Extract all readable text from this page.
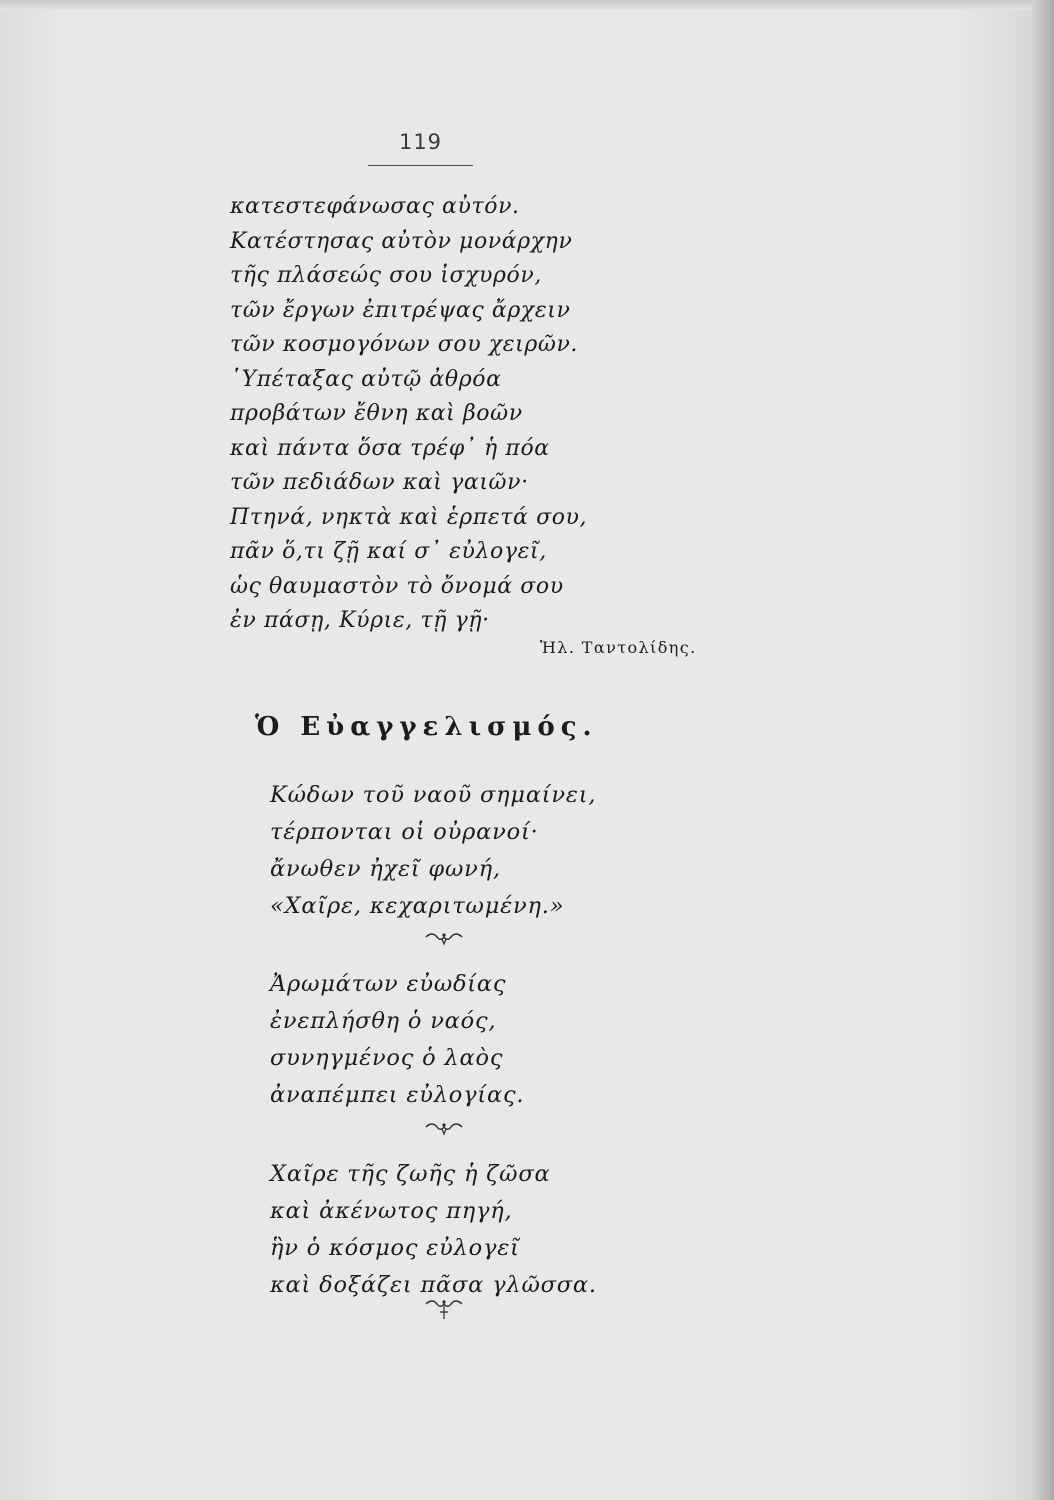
119
κατεστεφάνωσας αὐτόν.
Κατέστησας αὐτὸν μονάρχην
τῆς πλάσεώς σου ἰσχυρόν,
τῶν ἔργων ἐπιτρέψας ἄρχειν
τῶν κοσμογόνων σου χειρῶν.
῾Υπέταξας αὐτῷ ἀθρόα
προβάτων ἔθνη καὶ βοῶν
καὶ πάντα ὅσα τρέφ᾽ ἡ πόα
τῶν πεδιάδων καὶ γαιῶν·
Πτηνά, νηκτὰ καὶ ἑρπετά σου,
πᾶν ὅ,τι ζῇ καί σ᾽ εὐλογεῖ,
ὡς θαυμαστὸν τὸ ὄνομά σου
ἐν πάσῃ, Κύριε, τῇ γῇ·
Ἡλ. Ταντολίδης.
Ὁ Εὐαγγελισμός.
Κώδων τοῦ ναοῦ σημαίνει,
τέρπονται οἱ οὐρανοί·
ἄνωθεν ἠχεῖ φωνή,
«Χαῖρε, κεχαριτωμένη.»
Ἀρωμάτων εὐωδίας
ἐνεπλήσθη ὁ ναός,
συνηγμένος ὁ λαὸς
ἀναπέμπει εὐλογίας.
Χαῖρε τῆς ζωῆς ἡ ζῶσα
καὶ ἀκένωτος πηγή,
ἣν ὁ κόσμος εὐλογεῖ
καὶ δοξάζει πᾶσα γλῶσσα.
